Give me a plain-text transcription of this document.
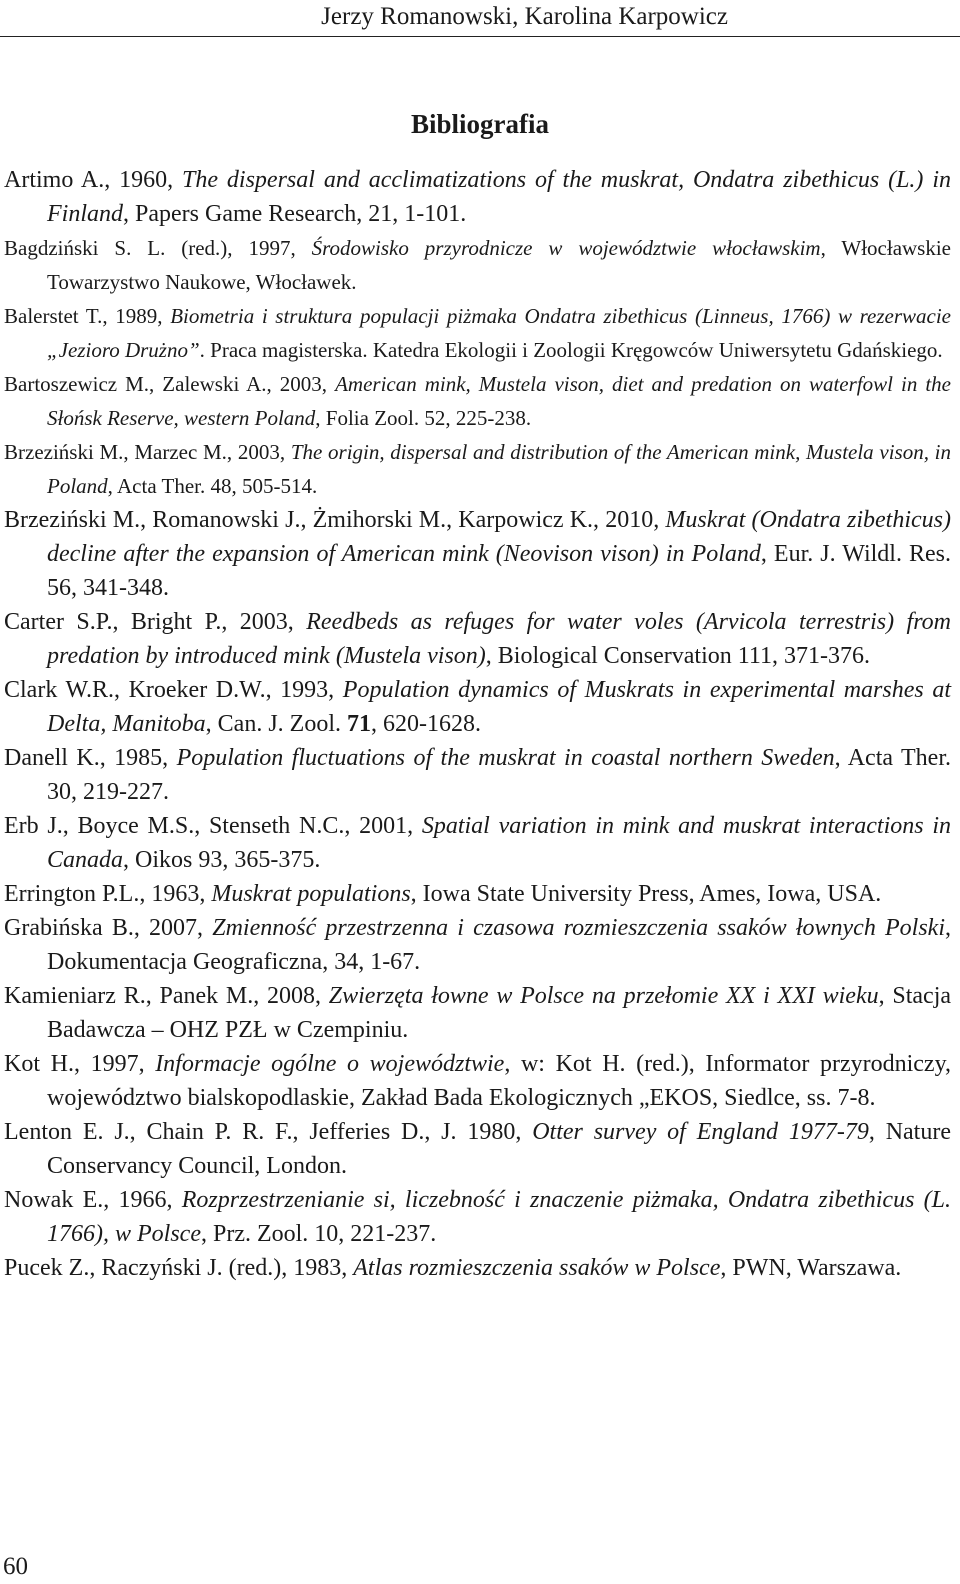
Jerzy Romanowski, Karolina Karpowicz
Bibliografia
Artimo A., 1960, The dispersal and acclimatizations of the muskrat, Ondatra zibethicus (L.) in Finland, Papers Game Research, 21, 1-101.
Bagdziński S. L. (red.), 1997, Środowisko przyrodnicze w województwie włocławskim, Włocławskie Towarzystwo Naukowe, Włocławek.
Balerstet T., 1989, Biometria i struktura populacji piżmaka Ondatra zibethicus (Linneus, 1766) w rezerwacie „Jezioro Drużno”. Praca magisterska. Katedra Ekologii i Zoologii Kręgowców Uniwersytetu Gdańskiego.
Bartoszewicz M., Zalewski A., 2003, American mink, Mustela vison, diet and predation on waterfowl in the Słońsk Reserve, western Poland, Folia Zool. 52, 225-238.
Brzeziński M., Marzec M., 2003, The origin, dispersal and distribution of the American mink, Mustela vison, in Poland, Acta Ther. 48, 505-514.
Brzeziński M., Romanowski J., Żmihorski M., Karpowicz K., 2010, Muskrat (Ondatra zibethicus) decline after the expansion of American mink (Neovison vison) in Poland, Eur. J. Wildl. Res. 56, 341-348.
Carter S.P., Bright P., 2003, Reedbeds as refuges for water voles (Arvicola terrestris) from predation by introduced mink (Mustela vison), Biological Conservation 111, 371-376.
Clark W.R., Kroeker D.W., 1993, Population dynamics of Muskrats in experimental marshes at Delta, Manitoba, Can. J. Zool. 71, 620-1628.
Danell K., 1985, Population fluctuations of the muskrat in coastal northern Sweden, Acta Ther. 30, 219-227.
Erb J., Boyce M.S., Stenseth N.C., 2001, Spatial variation in mink and muskrat interactions in Canada, Oikos 93, 365-375.
Errington P.L., 1963, Muskrat populations, Iowa State University Press, Ames, Iowa, USA.
Grabińska B., 2007, Zmienność przestrzenna i czasowa rozmieszczenia ssaków łownych Polski, Dokumentacja Geograficzna, 34, 1-67.
Kamieniarz R., Panek M., 2008, Zwierzęta łowne w Polsce na przełomie XX i XXI wieku, Stacja Badawcza – OHZ PZŁ w Czempiniu.
Kot H., 1997, Informacje ogólne o województwie, w: Kot H. (red.), Informator przyrodniczy, województwo bialskopodlaskie, Zakład Bada Ekologicznych „EKOS, Siedlce, ss. 7-8.
Lenton E. J., Chain P. R. F., Jefferies D., J. 1980, Otter survey of England 1977-79, Nature Conservancy Council, London.
Nowak E., 1966, Rozprzestrzenianie si, liczebność i znaczenie piżmaka, Ondatra zibethicus (L. 1766), w Polsce, Prz. Zool. 10, 221-237.
Pucek Z., Raczyński J. (red.), 1983, Atlas rozmieszczenia ssaków w Polsce, PWN, Warszawa.
60
